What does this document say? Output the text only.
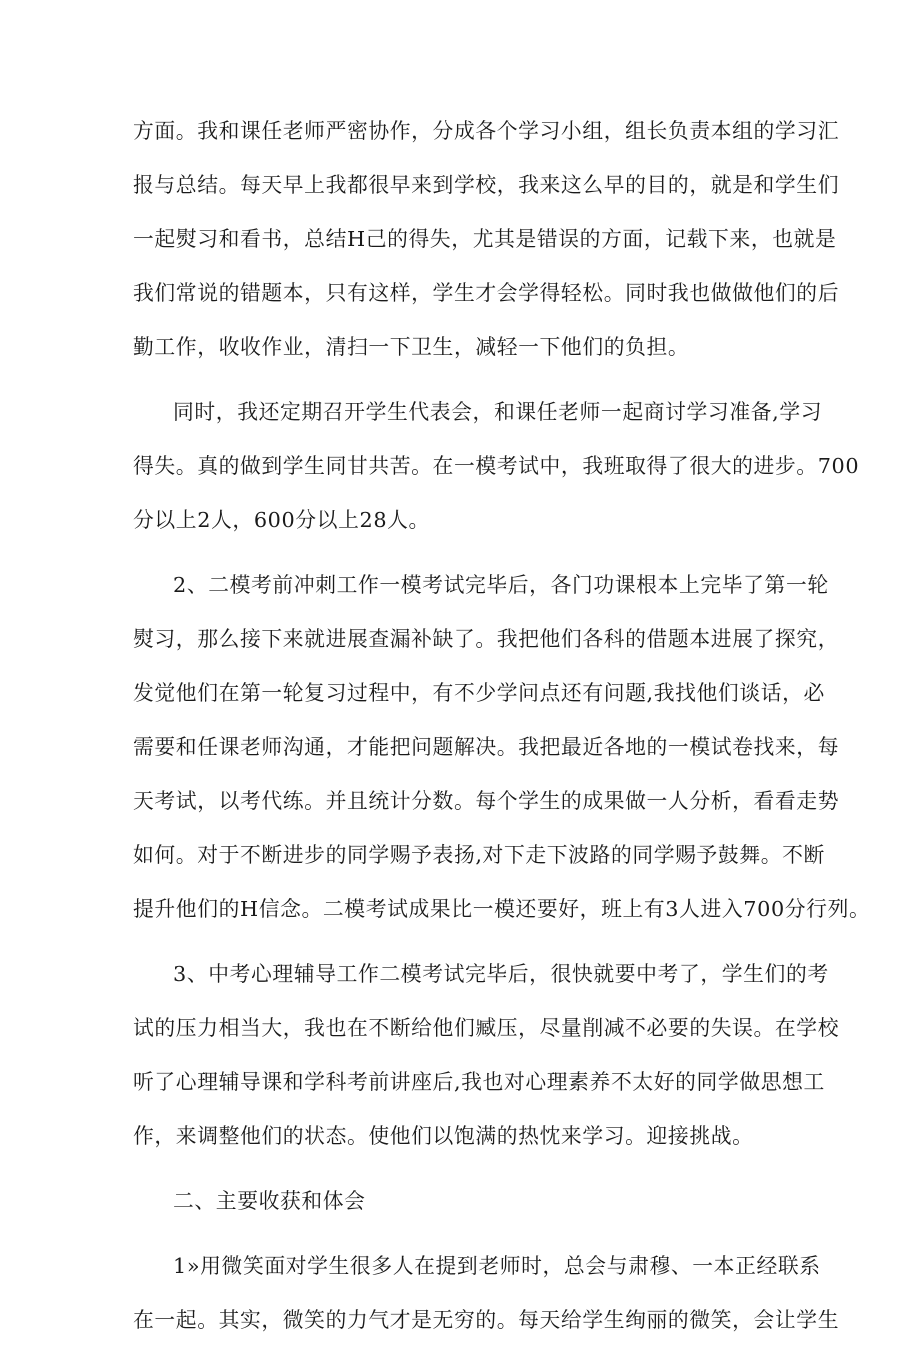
方面。我和课任老师严密协作，分成各个学习小组，组长负责本组的学习汇
报与总结。每天早上我都很早来到学校，我来这么早的目的，就是和学生们
一起熨习和看书，总结H己的得失，尤其是错误的方面，记载下来，也就是
我们常说的错题本，只有这样，学生才会学得轻松。同时我也做做他们的后
勤工作，收收作业，清扫一下卫生，减轻一下他们的负担。
同时，我还定期召开学生代表会，和课任老师一起商讨学习准备,学习
得失。真的做到学生同甘共苦。在一模考试中，我班取得了很大的进步。700
分以上2人，600分以上28人。
2、二模考前冲刺工作一模考试完毕后，各门功课根本上完毕了第一轮
熨习，那么接下来就进展查漏补缺了。我把他们各科的借题本进展了探究，
发觉他们在第一轮复习过程中，有不少学问点还有问题,我找他们谈话，必
需要和任课老师沟通，才能把问题解决。我把最近各地的一模试卷找来，每
天考试，以考代练。并且统计分数。每个学生的成果做一人分析，看看走势
如何。对于不断进步的同学赐予表扬,对下走下波路的同学赐予鼓舞。不断
提升他们的H信念。二模考试成果比一模还要好，班上有3人进入700分行列。
3、中考心理辅导工作二模考试完毕后，很快就要中考了，学生们的考
试的压力相当大，我也在不断给他们臧压，尽量削减不必要的失误。在学校
听了心理辅导课和学科考前讲座后,我也对心理素养不太好的同学做思想工
作，来调整他们的状态。使他们以饱满的热忱来学习。迎接挑战。
二、主要收获和体会
1»用微笑面对学生很多人在提到老师时，总会与肃穆、一本正经联系
在一起。其实，微笑的力气才是无穷的。每天给学生绚丽的微笑，会让学生
